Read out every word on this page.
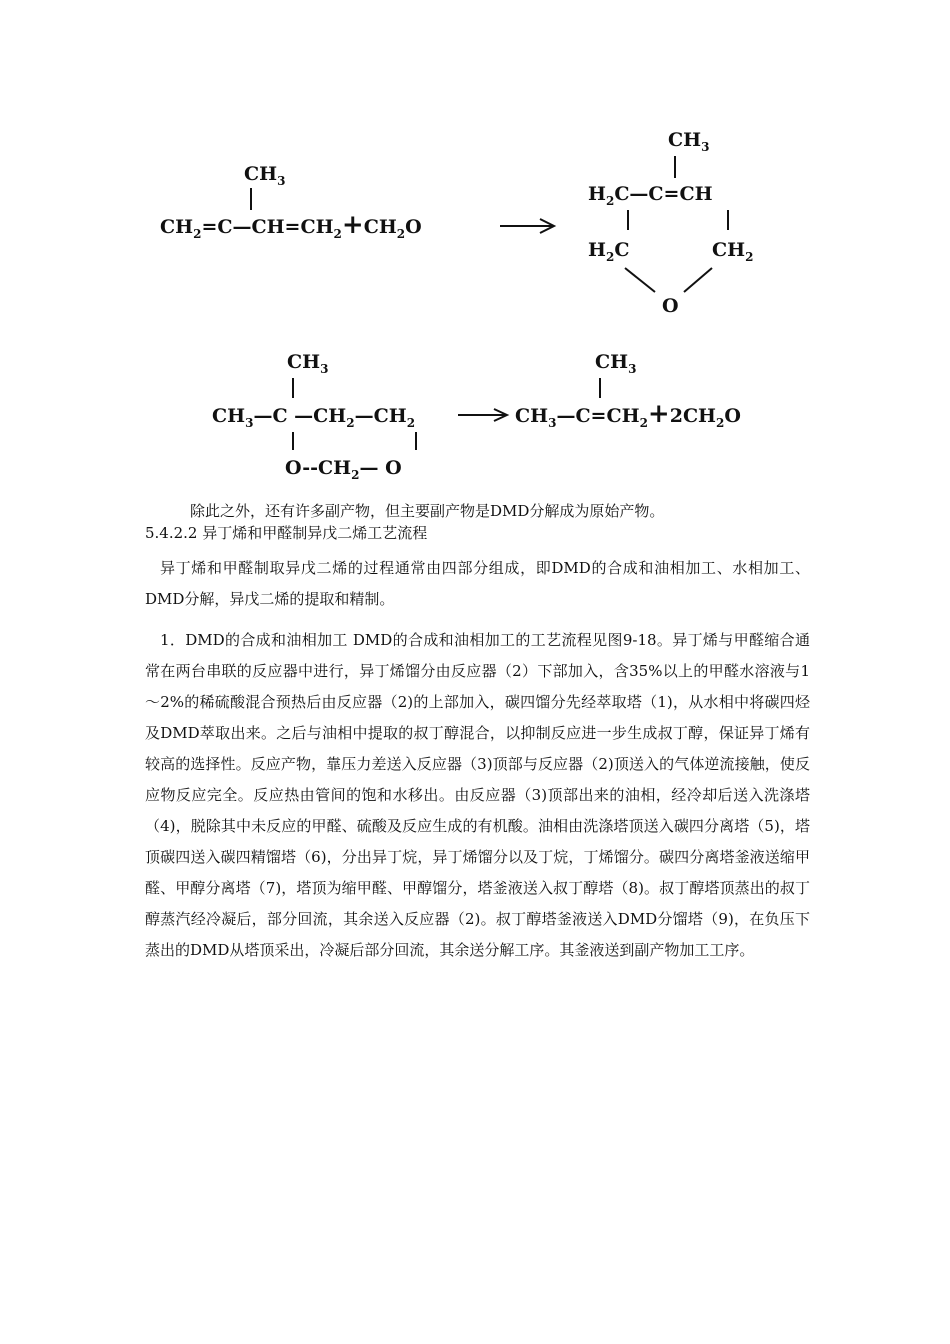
$CH_3$
$CH_2=C—CH=CH_2+CH_2O$
$CH_3$
$H_2C—C=CH$
$H_2C$	$CH_2$
O
$CH_3$
$CH_3—C$ $—CH_2—CH_2$
$O--CH_2—$ O
$CH_3$
$CH_3—C=CH_2+2CH_2O$

除此之外，还有许多副产物，但主要副产物是DMD分解成为原始产物。

5.4.2.2 异丁烯和甲醛制异戊二烯工艺流程

异丁烯和甲醛制取异戊二烯的过程通常由四部分组成，即DMD的合成和油相加工、水相加工、DMD分解，异戊二烯的提取和精制。

1．DMD的合成和油相加工 DMD的合成和油相加工的工艺流程见图9-18。异丁烯与甲醛缩合通常在两台串联的反应器中进行，异丁烯馏分由反应器（2）下部加入，含35%以上的甲醛水溶液与1～2%的稀硫酸混合预热后由反应器（2)的上部加入，碳四馏分先经萃取塔（1)，从水相中将碳四烃及DMD萃取出来。之后与油相中提取的叔丁醇混合，以抑制反应进一步生成叔丁醇，保证异丁烯有较高的选择性。反应产物，靠压力差送入反应器（3)顶部与反应器（2)顶送入的气体逆流接触，使反应物反应完全。反应热由管间的饱和水移出。由反应器（3)顶部出来的油相，经冷却后送入洗涤塔（4)，脱除其中未反应的甲醛、硫酸及反应生成的有机酸。油相由洗涤塔顶送入碳四分离塔（5)，塔顶碳四送入碳四精馏塔（6)，分出异丁烷，异丁烯馏分以及丁烷，丁烯馏分。碳四分离塔釜液送缩甲醛、甲醇分离塔（7)，塔顶为缩甲醛、甲醇馏分，塔釜液送入叔丁醇塔（8)。叔丁醇塔顶蒸出的叔丁醇蒸汽经冷凝后，部分回流，其余送入反应器（2)。叔丁醇塔釜液送入DMD分馏塔（9)，在负压下蒸出的DMD从塔顶采出，冷凝后部分回流，其余送分解工序。其釜液送到副产物加工工序。
